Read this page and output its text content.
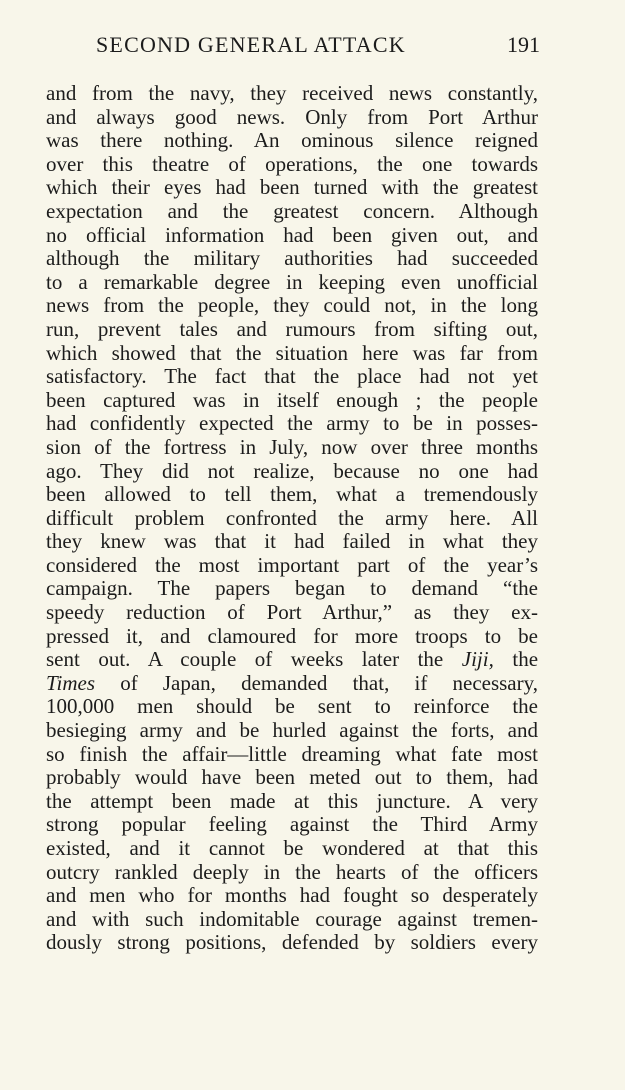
SECOND GENERAL ATTACK	191
and from the navy, they received news constantly,
and always good news. Only from Port Arthur
was there nothing. An ominous silence reigned
over this theatre of operations, the one towards
which their eyes had been turned with the greatest
expectation and the greatest concern. Although
no official information had been given out, and
although the military authorities had succeeded
to a remarkable degree in keeping even unofficial
news from the people, they could not, in the long
run, prevent tales and rumours from sifting out,
which showed that the situation here was far from
satisfactory. The fact that the place had not yet
been captured was in itself enough ; the people
had confidently expected the army to be in posses-
sion of the fortress in July, now over three months
ago. They did not realize, because no one had
been allowed to tell them, what a tremendously
difficult problem confronted the army here. All
they knew was that it had failed in what they
considered the most important part of the year’s
campaign. The papers began to demand “the
speedy reduction of Port Arthur,” as they ex-
pressed it, and clamoured for more troops to be
sent out. A couple of weeks later the Jiji, the
Times of Japan, demanded that, if necessary,
100,000 men should be sent to reinforce the
besieging army and be hurled against the forts, and
so finish the affair—little dreaming what fate most
probably would have been meted out to them, had
the attempt been made at this juncture. A very
strong popular feeling against the Third Army
existed, and it cannot be wondered at that this
outcry rankled deeply in the hearts of the officers
and men who for months had fought so desperately
and with such indomitable courage against tremen-
dously strong positions, defended by soldiers every
